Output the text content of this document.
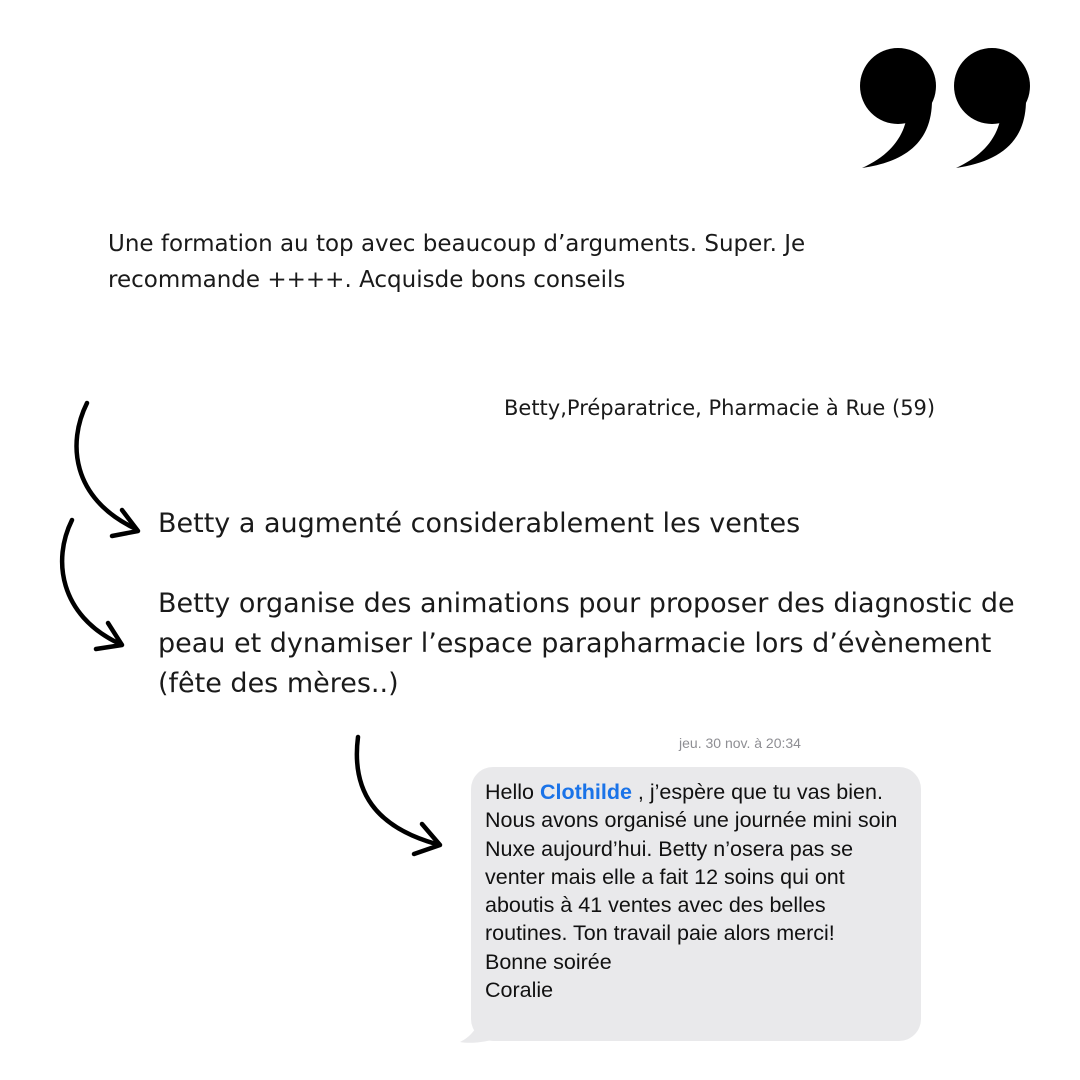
Une formation au top avec beaucoup d’arguments. Super. Je recommande ++++. Acquisde bons conseils

Betty,Préparatrice, Pharmacie à Rue (59)
Betty a augmenté considerablement les ventes
Betty organise des animations pour proposer des diagnostic de peau et dynamiser l’espace parapharmacie lors d’évènement (fête des mères..)
jeu. 30 nov. à 20:34

Hello Clothilde , j’espère que tu vas bien. Nous avons organisé une journée mini soin Nuxe aujourd’hui. Betty n’osera pas se venter mais elle a fait 12 soins qui ont aboutis à 41 ventes avec des belles routines. Ton travail paie alors merci!
Bonne soirée
Coralie
